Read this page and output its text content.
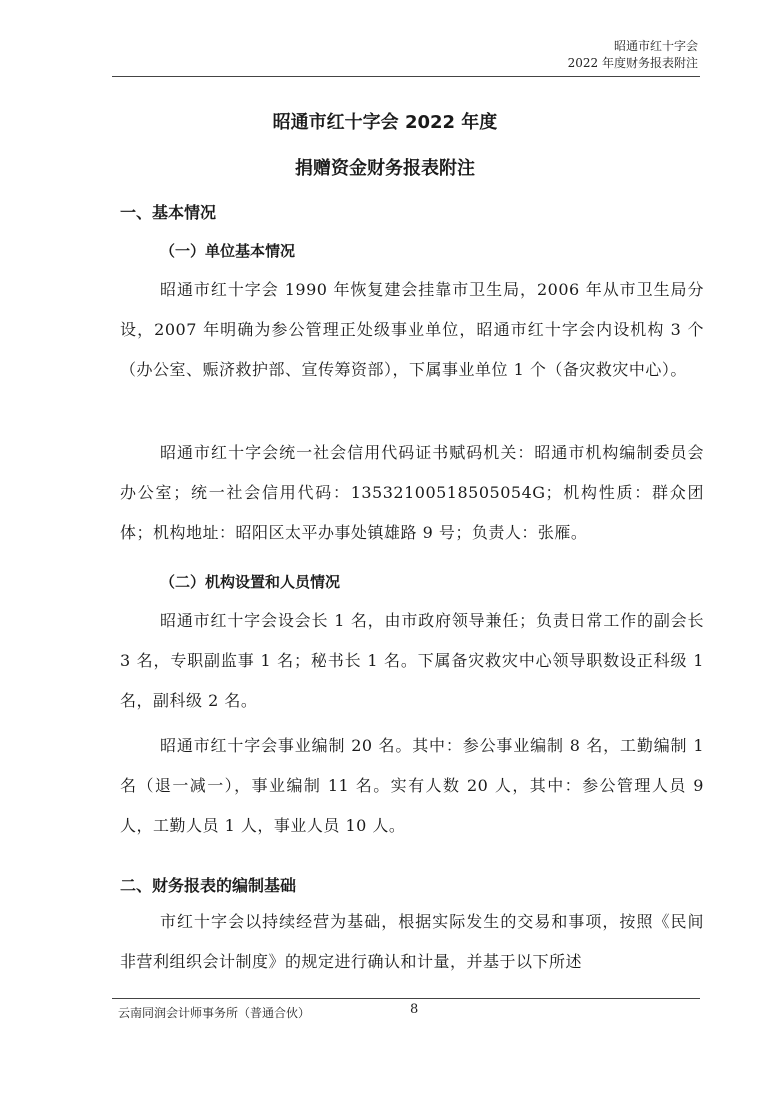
昭通市红十字会
2022 年度财务报表附注
昭通市红十字会 2022 年度
捐赠资金财务报表附注
一、基本情况
（一）单位基本情况
昭通市红十字会 1990 年恢复建会挂靠市卫生局，2006 年从市卫生局分设，2007 年明确为参公管理正处级事业单位，昭通市红十字会内设机构 3 个（办公室、赈济救护部、宣传筹资部），下属事业单位 1 个（备灾救灾中心）。
昭通市红十字会统一社会信用代码证书赋码机关：昭通市机构编制委员会办公室；统一社会信用代码：13532100518505054G；机构性质：群众团体；机构地址：昭阳区太平办事处镇雄路 9 号；负责人：张雁。
（二）机构设置和人员情况
昭通市红十字会设会长 1 名，由市政府领导兼任；负责日常工作的副会长 3 名，专职副监事 1 名；秘书长 1 名。下属备灾救灾中心领导职数设正科级 1 名，副科级 2 名。
昭通市红十字会事业编制 20 名。其中：参公事业编制 8 名，工勤编制 1 名（退一减一），事业编制 11 名。实有人数 20 人，其中：参公管理人员 9 人，工勤人员 1 人，事业人员 10 人。
二、财务报表的编制基础
市红十字会以持续经营为基础，根据实际发生的交易和事项，按照《民间非营利组织会计制度》的规定进行确认和计量，并基于以下所述
云南同润会计师事务所（普通合伙）	8
